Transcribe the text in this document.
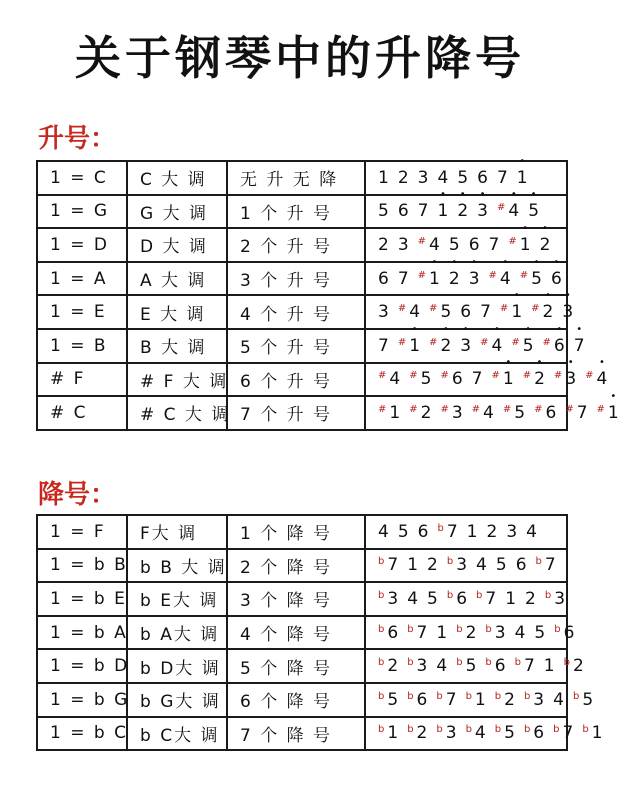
关于钢琴中的升降号
升号：
1 = C	C 大 调	无 升 无 降	1 2 3 4 5 6 7 • 1
1 = G	G 大 调	1 个 升 号	5 6 7 • 1 • 2 • 3 #• 4 • 5
1 = D	D 大 调	2 个 升 号	2 3 #4 5 6 7 #• 1 • 2
1 = A	A 大 调	3 个 升 号	6 7 #• 1 • 2 • 3 #• 4 #• 5 • 6
1 = E	E 大 调	4 个 升 号	3 #4 #5 6 7 #• 1 #• 2 • 3
1 = B	B 大 调	5 个 升 号	7 #• 1 #• 2 • 3 #• 4 #• 5 #• 6 • 7
# F	# F 大 调	6 个 升 号	#4 #5 #6 7 #• 1 #• 2 #• 3 #• 4
# C	# C 大 调	7 个 升 号	#1 #2 #3 #4 #5 #6 #7 #• 1
降号：
1 = F	F大 调	1 个 降 号	4 5 6 $^b$7 1 2 3 4
1 = b B	b B 大 调	2 个 降 号	$^b$7 1 2 $^b$3 4 5 6 $^b$7
1 = b E	b E大 调	3 个 降 号	$^b$3 4 5 $^b$6 $^b$7 1 2 $^b$3
1 = b A	b A大 调	4 个 降 号	$^b$6 $^b$7 1 $^b$2 $^b$3 4 5 $^b$6
1 = b D	b D大 调	5 个 降 号	$^b$2 $^b$3 4 $^b$5 $^b$6 $^b$7 1 $^b$2
1 = b G	b G大 调	6 个 降 号	$^b$5 $^b$6 $^b$7 $^b$1 $^b$2 $^b$3 4 $^b$5
1 = b C	b C大 调	7 个 降 号	$^b$1 $^b$2 $^b$3 $^b$4 $^b$5 $^b$6 $^b$7 $^b$1
